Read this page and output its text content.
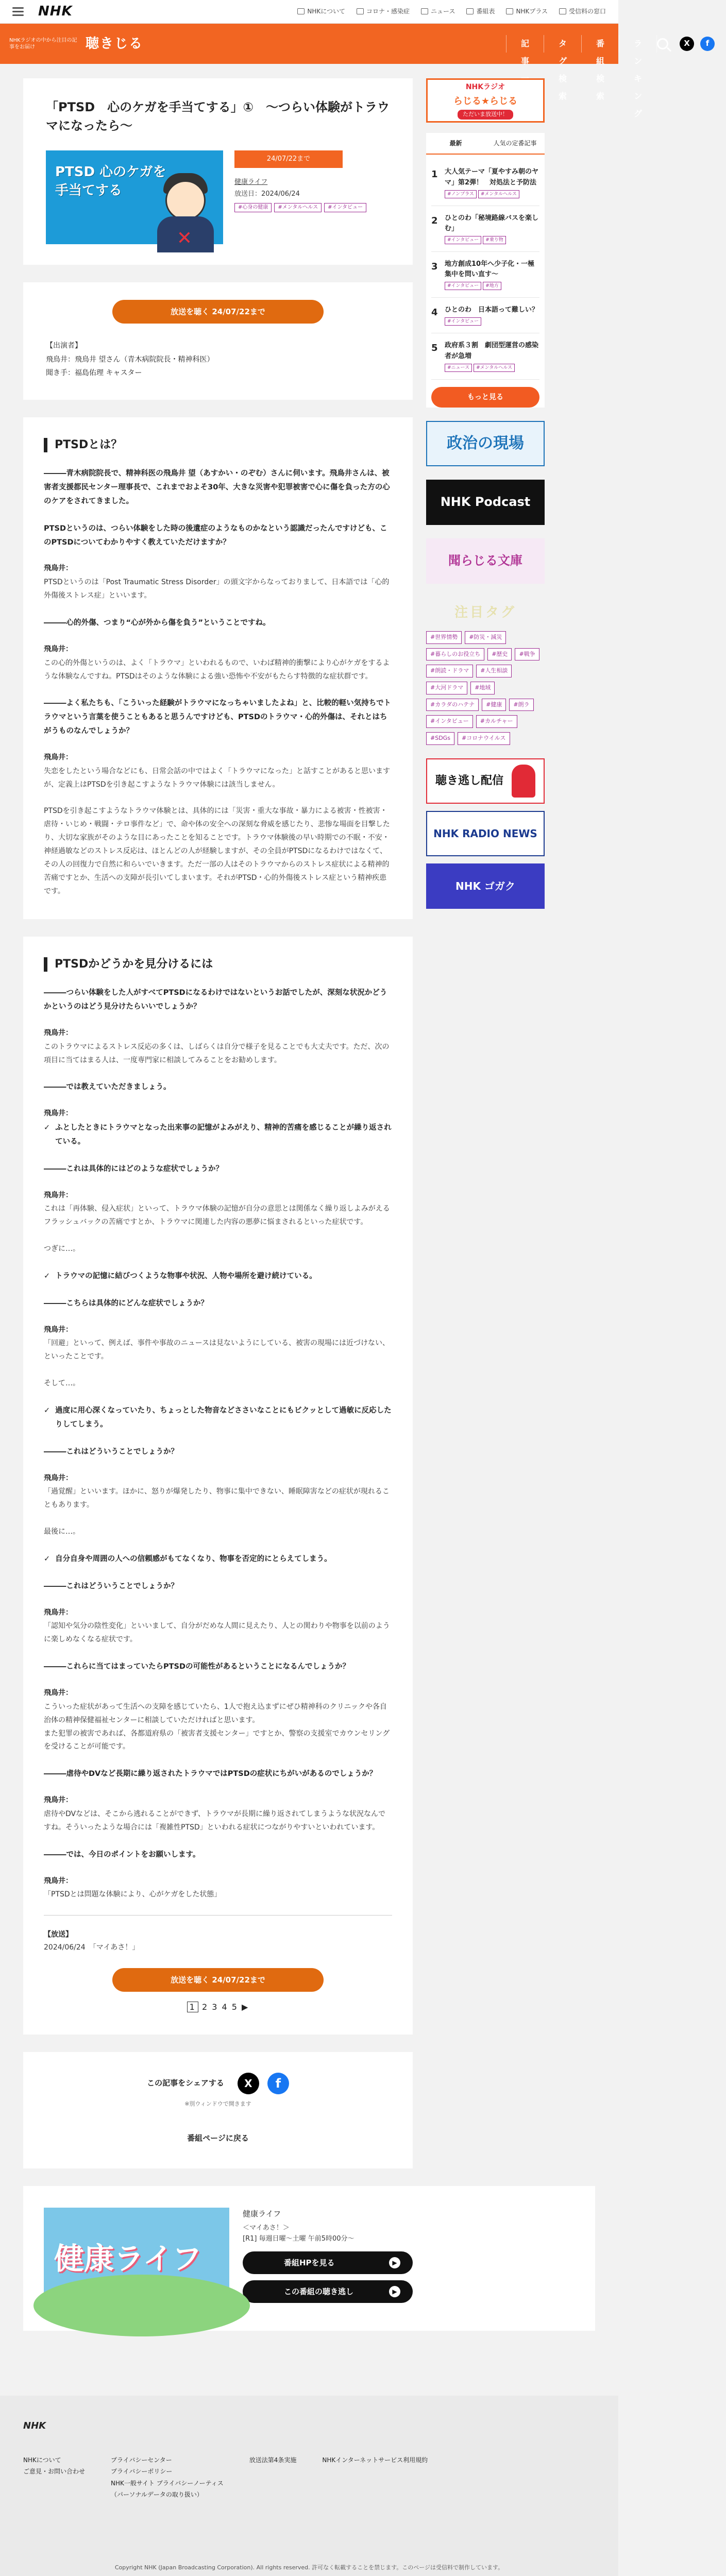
NHK	NHKについて	コロナ・感染症	ニュース	番組表	NHKプラス	受信料の窓口
NHKラジオの中から注目の記事をお届け	聴きじる	記事
タグ検索
番組検索
ランキング
X	f
「PTSD　心のケガを手当てする」①　～つらい体験がトラウマになったら～
PTSD 心のケガを
手当てする
✕
24/07/22まで
健康ライフ
放送日：2024/06/24
#心身の健康	#メンタルヘルス	#インタビュー
放送を聴く 24/07/22まで
【出演者】
飛鳥井：飛鳥井 望さん（青木病院院長・精神科医）
聞き手：福島佑理 キャスター
PTSDとは？

―――青木病院院長で、精神科医の飛鳥井 望（あすかい・のぞむ）さんに伺います。飛鳥井さんは、被害者支援都民センター理事長で、これまでおよそ30年、大きな災害や犯罪被害で心に傷を負った方の心のケアをされてきました。

PTSDというのは、つらい体験をした時の後遺症のようなものかなという認識だったんですけども、このPTSDについてわかりやすく教えていただけますか？

飛鳥井：

PTSDというのは「Post Traumatic Stress Disorder」の頭文字からなっておりまして、日本語では「心的外傷後ストレス症」といいます。

―――心的外傷、つまり“心が外から傷を負う”ということですね。

飛鳥井：

この心的外傷というのは、よく「トラウマ」といわれるもので、いわば精神的衝撃により心がケガをするような体験なんですね。PTSDはそのような体験による強い恐怖や不安がもたらす特徴的な症状群です。

―――よく私たちも、「こういった経験がトラウマになっちゃいましたよね」と、比較的軽い気持ちでトラウマという言葉を使うこともあると思うんですけども、PTSDのトラウマ・心的外傷は、それとはちがうものなんでしょうか？

飛鳥井：

失恋をしたという場合などにも、日常会話の中ではよく「トラウマになった」と話すことがあると思いますが、定義上はPTSDを引き起こすようなトラウマ体験には該当しません。

PTSDを引き起こすようなトラウマ体験とは、具体的には「災害・重大な事故・暴力による被害・性被害・虐待・いじめ・戦闘・テロ事件など」で、命や体の安全への深刻な脅威を感じたり、悲惨な場面を目撃したり、大切な家族がそのような目にあったことを知ることです。トラウマ体験後の早い時期での不眠・不安・神経過敏などのストレス反応は、ほとんどの人が経験しますが、その全員がPTSDになるわけではなくて、その人の回復力で自然に和らいでいきます。ただ一部の人はそのトラウマからのストレス症状による精神的苦痛ですとか、生活への支障が長引いてしまいます。それがPTSD・心的外傷後ストレス症という精神疾患です。

PTSDかどうかを見分けるには

―――つらい体験をした人がすべてPTSDになるわけではないというお話でしたが、深刻な状況かどうかというのはどう見分けたらいいでしょうか？

飛鳥井：

このトラウマによるストレス反応の多くは、しばらくは自分で様子を見ることでも大丈夫です。ただ、次の項目に当てはまる人は、一度専門家に相談してみることをお勧めします。

―――では教えていただきましょう。

飛鳥井：
✓ ふとしたときにトラウマとなった出来事の記憶がよみがえり、精神的苦痛を感じることが繰り返されている。

―――これは具体的にはどのような症状でしょうか？

飛鳥井：

これは「再体験、侵入症状」といって、トラウマ体験の記憶が自分の意思とは関係なく繰り返しよみがえるフラッシュバックの苦痛ですとか、トラウマに関連した内容の悪夢に悩まされるといった症状です。

つぎに…。

✓ トラウマの記憶に結びつくような物事や状況、人物や場所を避け続けている。

―――こちらは具体的にどんな症状でしょうか？

飛鳥井：

「回避」といって、例えば、事件や事故のニュースは見ないようにしている、被害の現場には近づけない、といったことです。

そして…。

✓ 過度に用心深くなっていたり、ちょっとした物音などささいなことにもビクッとして過敏に反応したりしてしまう。

―――これはどういうことでしょうか？

飛鳥井：

「過覚醒」といいます。ほかに、怒りが爆発したり、物事に集中できない、睡眠障害などの症状が現れることもあります。

最後に…。

✓ 自分自身や周囲の人への信頼感がもてなくなり、物事を否定的にとらえてしまう。

―――これはどういうことでしょうか？

飛鳥井：

「認知や気分の陰性変化」といいまして、自分がだめな人間に見えたり、人との関わりや物事を以前のように楽しめなくなる症状です。

―――これらに当てはまっていたらPTSDの可能性があるということになるんでしょうか？

飛鳥井：

こういった症状があって生活への支障を感じていたら、1人で抱え込まずにぜひ精神科のクリニックや各自治体の精神保健福祉センターに相談していただければと思います。
また犯罪の被害であれば、各都道府県の「被害者支援センター」ですとか、警察の支援室でカウンセリングを受けることが可能です。

―――虐待やDVなど長期に繰り返されたトラウマではPTSDの症状にちがいがあるのでしょうか？

飛鳥井：

虐待やDVなどは、そこから逃れることができず、トラウマが長期に繰り返されてしまうような状況なんですね。そういったような場合には「複雑性PTSD」といわれる症状につながりやすいといわれています。

―――では、今日のポイントをお願いします。

飛鳥井：

「PTSDとは問題な体験により、心がケガをした状態」

【放送】

2024/06/24　「マイあさ！」

放送を聴く 24/07/22まで
1 2 3 4 5 ▶
この記事をシェアする	X	f
※別ウィンドウで開きます
番組ページに戻る
NHKラジオ
らじる★らじる
ただいま放送中！
最新	人気の定番記事
1 大人気テーマ「夏やすみ朝のヤマ」第2弾！　対処法と予防法
#ノンプラス	#メンタルヘルス
2 ひとのわ「秘境路線バスを楽しむ」
#インタビュー	#乗り物
3 地方創成10年へ少子化・一極集中を問い直す～
#インタビュー	#地方
4 ひとのわ　日本語って難しい？
#インタビュー
5 政府系３割　劇団型運営の感染者が急増
#ニュース	#メンタルヘルス
もっと見る
政治の現場
NHK Podcast
聞らじる文庫
注目タグ
#世界情勢	#防災・減災
#暮らしのお役立ち	#歴史	#戦争
#朗読・ドラマ	#人生相談
#大河ドラマ	#地域
#カラダのハテナ	#健康	#朗ラ
#インタビュー	#カルチャー
#SDGs	#コロナウイルス
聴き逃し配信
NHK RADIO NEWS
NHK ゴガク
健康ライフ
健康ライフ
＜マイあさ！＞
[R1] 毎週日曜〜土曜 午前5時00分〜
番組HPを見る	▶
この番組の聴き逃し	▶
NHK
NHKについて
ご意見・お問い合わせ
プライバシーセンター
プライバシーポリシー
NHK一般サイト プライバシーノーティス
（パーソナルデータの取り扱い）
放送法第4条実施	NHKインターネットサービス利用規約
Copyright NHK (Japan Broadcasting Corporation). All rights reserved. 許可なく転載することを禁じます。このページは受信料で制作しています。
